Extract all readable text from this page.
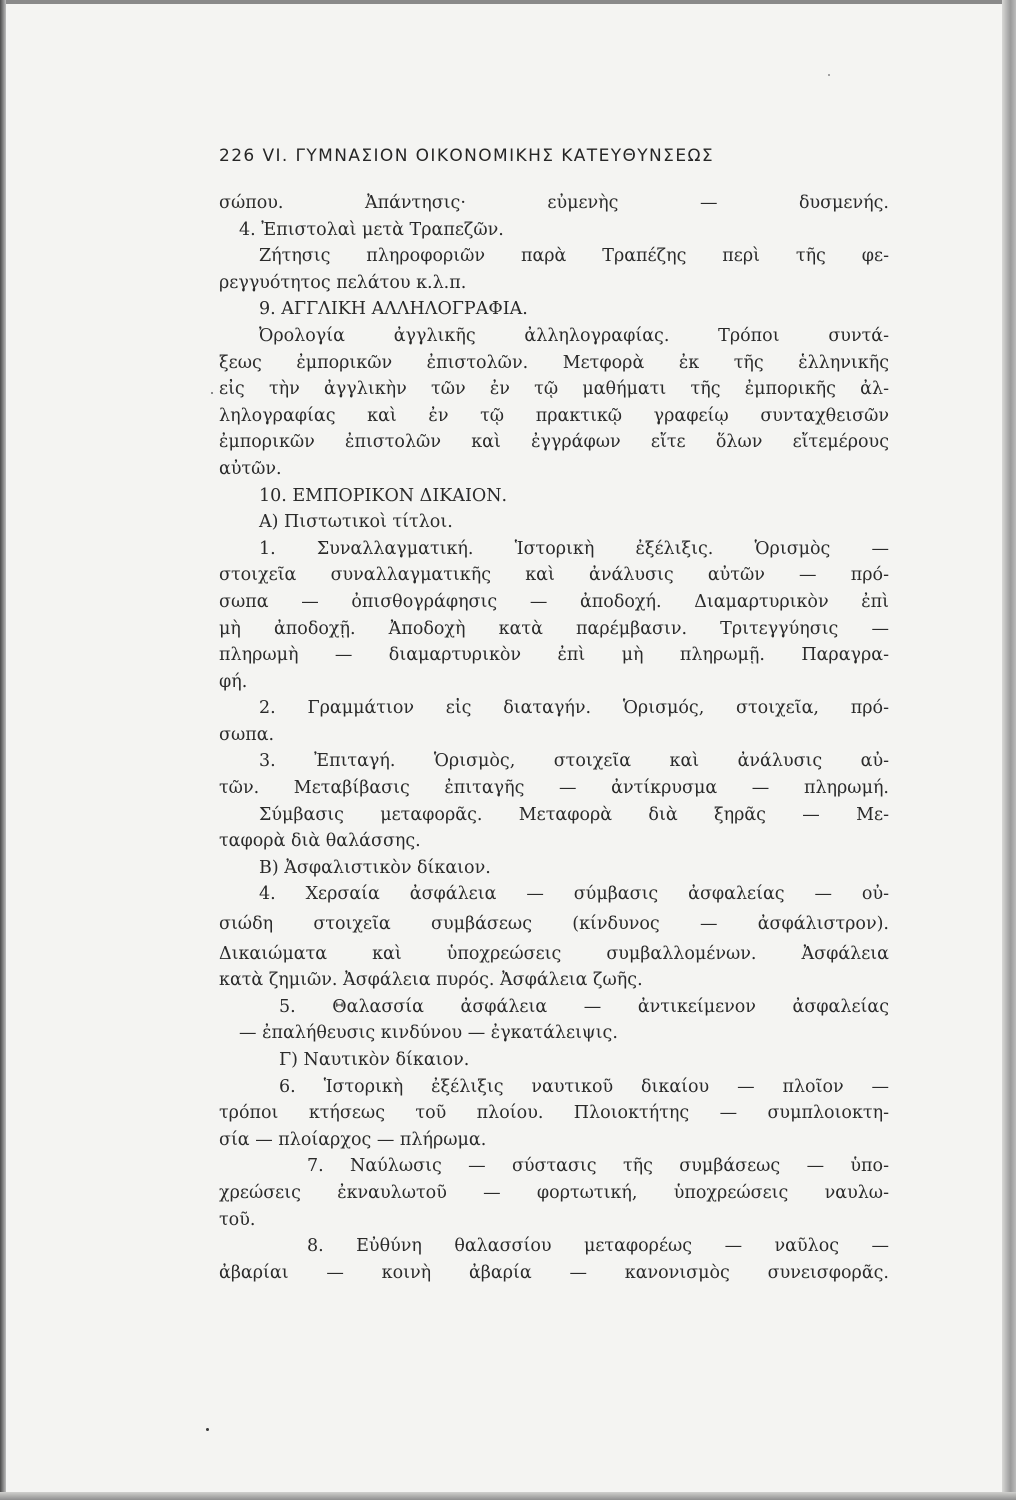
226 VI. ΓΥΜΝΑΣΙΟΝ ΟΙΚΟΝΟΜΙΚΗΣ ΚΑΤΕΥΘΥΝΣΕΩΣ
σώπου. Ἀπάντησις· εὐμενὴς — δυσμενής.
4. Ἐπιστολαὶ μετὰ Τραπεζῶν.
Ζήτησις πληροφοριῶν παρὰ Τραπέζης περὶ τῆς φε-
ρεγγυότητος πελάτου κ.λ.π.
9. ΑΓΓΛΙΚΗ ΑΛΛΗΛΟΓΡΑΦΙΑ.
Ὀρολογία ἀγγλικῆς ἀλληλογραφίας. Τρόποι συντά-
ξεως ἐμπορικῶν ἐπιστολῶν. Μετφορὰ ἐκ τῆς ἑλληνικῆς
εἰς τὴν ἀγγλικὴν τῶν ἐν τῷ μαθήματι τῆς ἐμπορικῆς ἀλ-
ληλογραφίας καὶ ἐν τῷ πρακτικῷ γραφείῳ συνταχθεισῶν
ἐμπορικῶν ἐπιστολῶν καὶ ἐγγράφων εἴτε ὅλων εἴτεμέρους
αὐτῶν.
10. ΕΜΠΟΡΙΚΟΝ ΔΙΚΑΙΟΝ.
Α) Πιστωτικοὶ τίτλοι.
1. Συναλλαγματική. Ἱστορικὴ ἐξέλιξις. Ὁρισμὸς —
στοιχεῖα συναλλαγματικῆς καὶ ἀνάλυσις αὐτῶν — πρό-
σωπα — ὀπισθογράφησις — ἀποδοχή. Διαμαρτυρικὸν ἐπὶ
μὴ ἀποδοχῇ. Ἀποδοχὴ κατὰ παρέμβασιν. Τριτεγγύησις —
πληρωμὴ — διαμαρτυρικὸν ἐπὶ μὴ πληρωμῇ. Παραγρα-
φή.
2. Γραμμάτιον εἰς διαταγήν. Ὁρισμός, στοιχεῖα, πρό-
σωπα.
3. Ἐπιταγή. Ὁρισμὸς, στοιχεῖα καὶ ἀνάλυσις αὐ-
τῶν. Μεταβίβασις ἐπιταγῆς — ἀντίκρυσμα — πληρωμή.
Σύμβασις μεταφορᾶς. Μεταφορὰ διὰ ξηρᾶς — Με-
ταφορὰ διὰ θαλάσσης.
Β) Ἀσφαλιστικὸν δίκαιον.
4. Χερσαία ἀσφάλεια — σύμβασις ἀσφαλείας — οὐ-
σιώδη στοιχεῖα συμβάσεως (κίνδυνος — ἀσφάλιστρον).
Δικαιώματα καὶ ὑποχρεώσεις συμβαλλομένων. Ἀσφάλεια
κατὰ ζημιῶν. Ἀσφάλεια πυρός. Ἀσφάλεια ζωῆς.
5. Θαλασσία ἀσφάλεια — ἀντικείμενον ἀσφαλείας
— ἐπαλήθευσις κινδύνου — ἐγκατάλειψις.
Γ) Ναυτικὸν δίκαιον.
6. Ἱστορικὴ ἐξέλιξις ναυτικοῦ δικαίου — πλοῖον —
τρόποι κτήσεως τοῦ πλοίου. Πλοιοκτήτης — συμπλοιοκτη-
σία — πλοίαρχος — πλήρωμα.
7. Ναύλωσις — σύστασις τῆς συμβάσεως — ὑπο-
χρεώσεις ἐκναυλωτοῦ — φορτωτική, ὑποχρεώσεις ναυλω-
τοῦ.
8. Εὐθύνη θαλασσίου μεταφορέως — ναῦλος —
ἀβαρίαι — κοινὴ ἀβαρία — κανονισμὸς συνεισφορᾶς.
